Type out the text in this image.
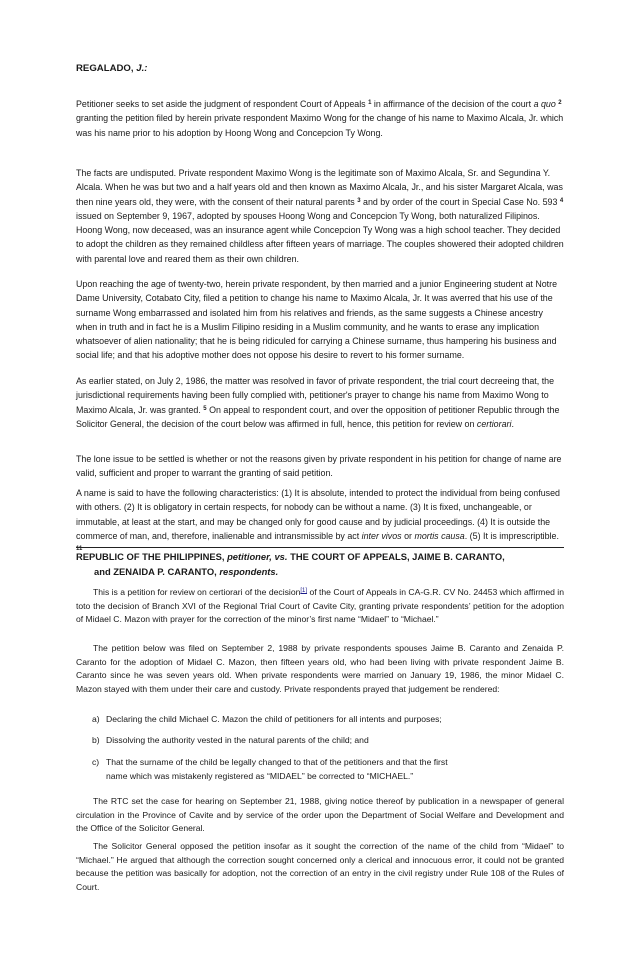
REGALADO, J.:

Petitioner seeks to set aside the judgment of respondent Court of Appeals $^1$ in affirmance of the decision of the court a quo $^2$ granting the petition filed by herein private respondent Maximo Wong for the change of his name to Maximo Alcala, Jr. which was his name prior to his adoption by Hoong Wong and Concepcion Ty Wong.

The facts are undisputed. Private respondent Maximo Wong is the legitimate son of Maximo Alcala, Sr. and Segundina Y. Alcala. When he was but two and a half years old and then known as Maximo Alcala, Jr., and his sister Margaret Alcala, was then nine years old, they were, with the consent of their natural parents $^3$ and by order of the court in Special Case No. 593 $^4$ issued on September 9, 1967, adopted by spouses Hoong Wong and Concepcion Ty Wong, both naturalized Filipinos. Hoong Wong, now deceased, was an insurance agent while Concepcion Ty Wong was a high school teacher. They decided to adopt the children as they remained childless after fifteen years of marriage. The couples showered their adopted children with parental love and reared them as their own children.

Upon reaching the age of twenty-two, herein private respondent, by then married and a junior Engineering student at Notre Dame University, Cotabato City, filed a petition to change his name to Maximo Alcala, Jr. It was averred that his use of the surname Wong embarrassed and isolated him from his relatives and friends, as the same suggests a Chinese ancestry when in truth and in fact he is a Muslim Filipino residing in a Muslim community, and he wants to erase any implication whatsoever of alien nationality; that he is being ridiculed for carrying a Chinese surname, thus hampering his business and social life; and that his adoptive mother does not oppose his desire to revert to his former surname.

As earlier stated, on July 2, 1986, the matter was resolved in favor of private respondent, the trial court decreeing that, the jurisdictional requirements having been fully complied with, petitioner's prayer to change his name from Maximo Wong to Maximo Alcala, Jr. was granted. $^5$ On appeal to respondent court, and over the opposition of petitioner Republic through the Solicitor General, the decision of the court below was affirmed in full, hence, this petition for review on certiorari.

The lone issue to be settled is whether or not the reasons given by private respondent in his petition for change of name are valid, sufficient and proper to warrant the granting of said petition.

A name is said to have the following characteristics: (1) It is absolute, intended to protect the individual from being confused with others. (2) It is obligatory in certain respects, for nobody can be without a name. (3) It is fixed, unchangeable, or immutable, at least at the start, and may be changed only for good cause and by judicial proceedings. (4) It is outside the commerce of man, and, therefore, inalienable and intransmissible by act inter vivos or mortis causa. (5) It is imprescriptible. $^{11}$

REPUBLIC OF THE PHILIPPINES, petitioner, vs. THE COURT OF APPEALS, JAIME B. CARANTO,
and ZENAIDA P. CARANTO, respondents.

This is a petition for review on certiorari of the decision[1] of the Court of Appeals in CA-G.R. CV No. 24453 which affirmed in toto the decision of Branch XVI of the Regional Trial Court of Cavite City, granting private respondents’ petition for the adoption of Midael C. Mazon with prayer for the correction of the minor’s first name “Midael” to “Michael.”

The petition below was filed on September 2, 1988 by private respondents spouses Jaime B. Caranto and Zenaida P. Caranto for the adoption of Midael C. Mazon, then fifteen years old, who had been living with private respondent Jaime B. Caranto since he was seven years old. When private respondents were married on January 19, 1986, the minor Midael C. Mazon stayed with them under their care and custody. Private respondents prayed that judgement be rendered:

a) Declaring the child Michael C. Mazon the child of petitioners for all intents and purposes;

b) Dissolving the authority vested in the natural parents of the child; and

c) That the surname of the child be legally changed to that of the petitioners and that the first
name which was mistakenly registered as “MIDAEL” be corrected to “MICHAEL.”

The RTC set the case for hearing on September 21, 1988, giving notice thereof by publication in a newspaper of general circulation in the Province of Cavite and by service of the order upon the Department of Social Welfare and Development and the Office of the Solicitor General.

The Solicitor General opposed the petition insofar as it sought the correction of the name of the child from “Midael” to “Michael.” He argued that although the correction sought concerned only a clerical and innocuous error, it could not be granted because the petition was basically for adoption, not the correction of an entry in the civil registry under Rule 108 of the Rules of Court.
